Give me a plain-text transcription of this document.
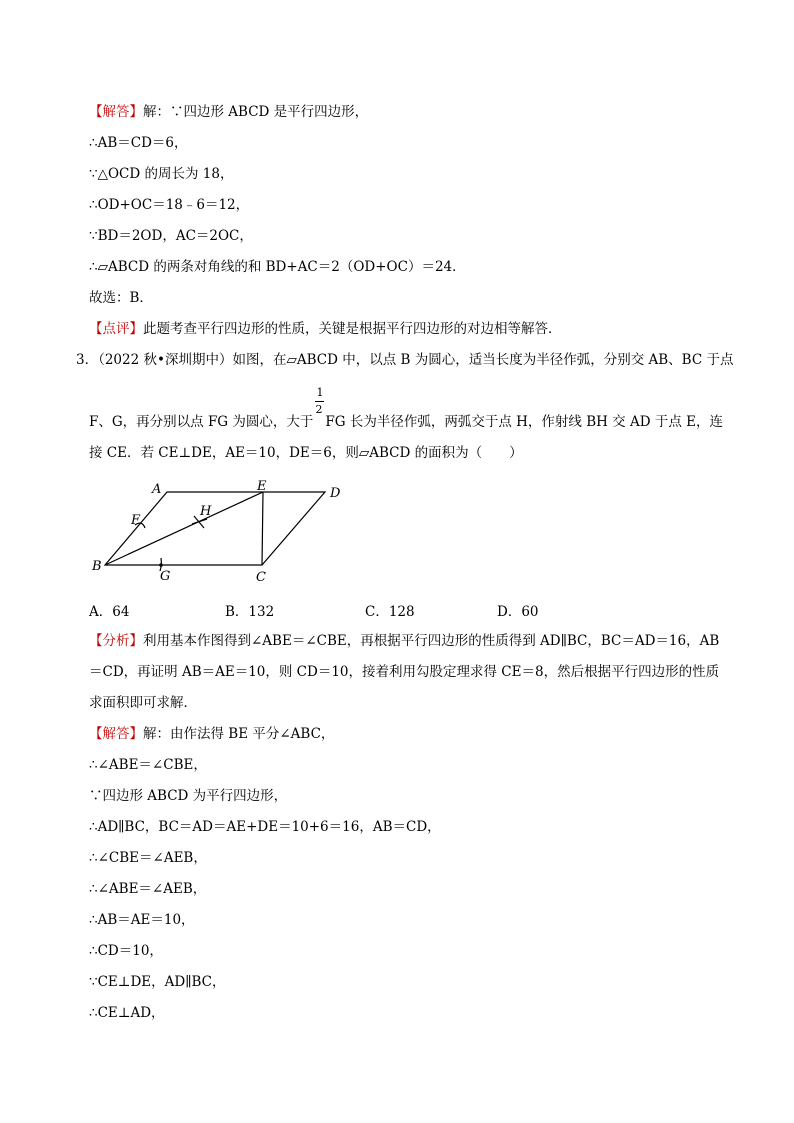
【解答】解：∵四边形 ABCD 是平行四边形，
∴AB＝CD＝6，
∵△OCD 的周长为 18，
∴OD+OC＝18﹣6＝12，
∵BD＝2OD，AC＝2OC，
∴▱ABCD 的两条对角线的和 BD+AC＝2（OD+OC）＝24．
故选：B．
【点评】此题考查平行四边形的性质，关键是根据平行四边形的对边相等解答．
3．（2022 秋•深圳期中）如图，在▱ABCD 中，以点 B 为圆心，适当长度为半径作弧，分别交 AB、BC 于点
1
2
F、G，再分别以点 FG 为圆心，大于 FG 长为半径作弧，两弧交于点 H，作射线 BH 交 AD 于点 E，连
接 CE．若 CE⊥DE，AE＝10，DE＝6，则▱ABCD 的面积为（　　）
A	E	D
F
H
B
G	C
A．64	B．132	C．128	D．60
【分析】利用基本作图得到∠ABE＝∠CBE，再根据平行四边形的性质得到 AD∥BC，BC＝AD＝16，AB
＝CD，再证明 AB＝AE＝10，则 CD＝10，接着利用勾股定理求得 CE＝8，然后根据平行四边形的性质
求面积即可求解．
【解答】解：由作法得 BE 平分∠ABC，
∴∠ABE＝∠CBE，
∵四边形 ABCD 为平行四边形，
∴AD∥BC，BC＝AD＝AE+DE＝10+6＝16，AB＝CD，
∴∠CBE＝∠AEB，
∴∠ABE＝∠AEB，
∴AB＝AE＝10，
∴CD＝10，
∵CE⊥DE，AD∥BC，
∴CE⊥AD，
